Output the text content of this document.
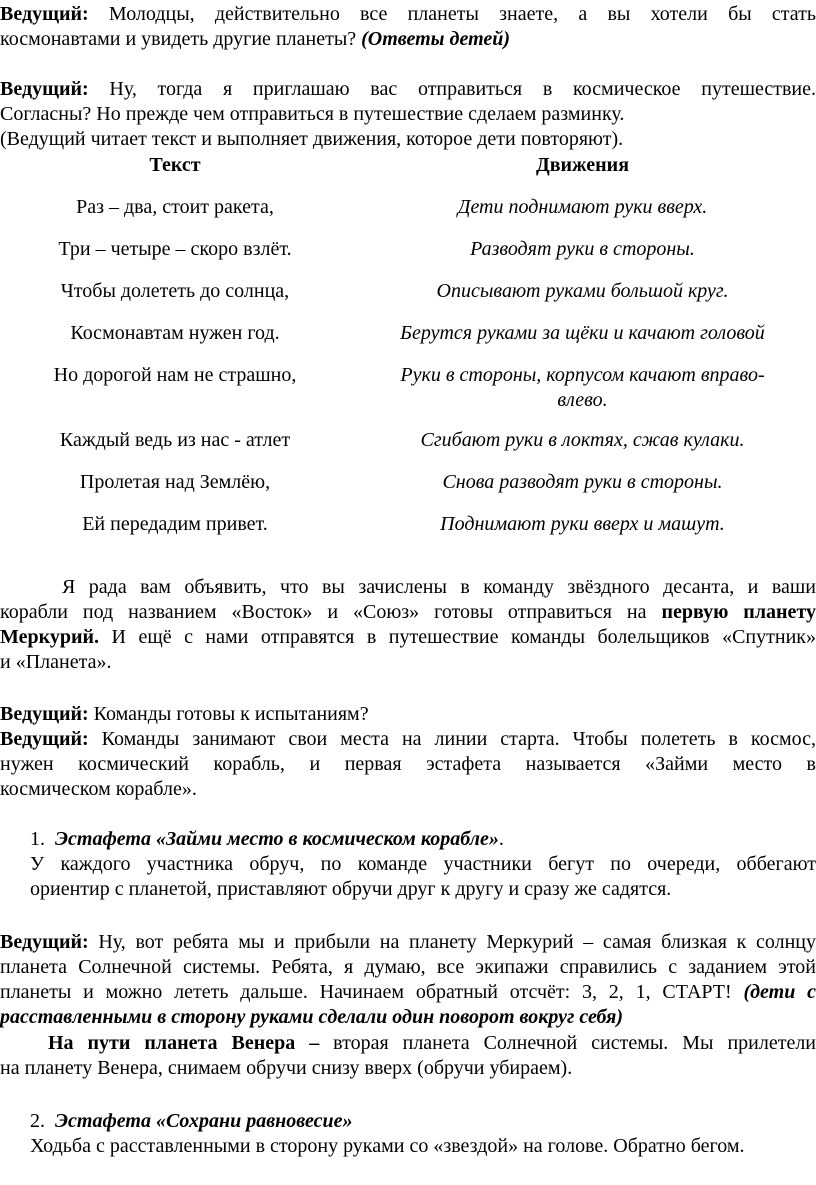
Ведущий: Молодцы, действительно все планеты знаете, а вы хотели бы стать
космонавтами и увидеть другие планеты? (Ответы детей)
Ведущий: Ну, тогда я приглашаю вас отправиться в космическое путешествие.
Согласны? Но прежде чем отправиться в путешествие сделаем разминку.
(Ведущий читает текст и выполняет движения, которое дети повторяют).
Текст	Движения
Раз – два, стоит ракета,	Дети поднимают руки вверх.
Три – четыре – скоро взлёт.	Разводят руки в стороны.
Чтобы долететь до солнца,	Описывают руками большой круг.
Космонавтам нужен год.	Берутся руками за щёки и качают головой
Но дорогой нам не страшно,	Руки в стороны, корпусом качают вправо-
влево.
Каждый ведь из нас - атлет	Сгибают руки в локтях, сжав кулаки.
Пролетая над Землёю,	Снова разводят руки в стороны.
Ей передадим привет.	Поднимают руки вверх и машут.
Я рада вам объявить, что вы зачислены в команду звёздного десанта, и ваши
корабли под названием «Восток» и «Союз» готовы отправиться на первую планету
Меркурий. И ещё с нами отправятся в путешествие команды болельщиков «Спутник»
и «Планета».
Ведущий: Команды готовы к испытаниям?
Ведущий: Команды занимают свои места на линии старта. Чтобы полететь в космос,
нужен космический корабль, и первая эстафета называется «Займи место в
космическом корабле».
1. Эстафета «Займи место в космическом корабле».
У каждого участника обруч, по команде участники бегут по очереди, оббегают
ориентир с планетой, приставляют обручи друг к другу и сразу же садятся.
Ведущий: Ну, вот ребята мы и прибыли на планету Меркурий – самая близкая к солнцу
планета Солнечной системы. Ребята, я думаю, все экипажи справились с заданием этой
планеты и можно лететь дальше. Начинаем обратный отсчёт: 3, 2, 1, СТАРТ! (дети с
расставленными в сторону руками сделали один поворот вокруг себя)
На пути планета Венера – вторая планета Солнечной системы. Мы прилетели
на планету Венера, снимаем обручи снизу вверх (обручи убираем).
2. Эстафета «Сохрани равновесие»
Ходьба с расставленными в сторону руками со «звездой» на голове. Обратно бегом.
